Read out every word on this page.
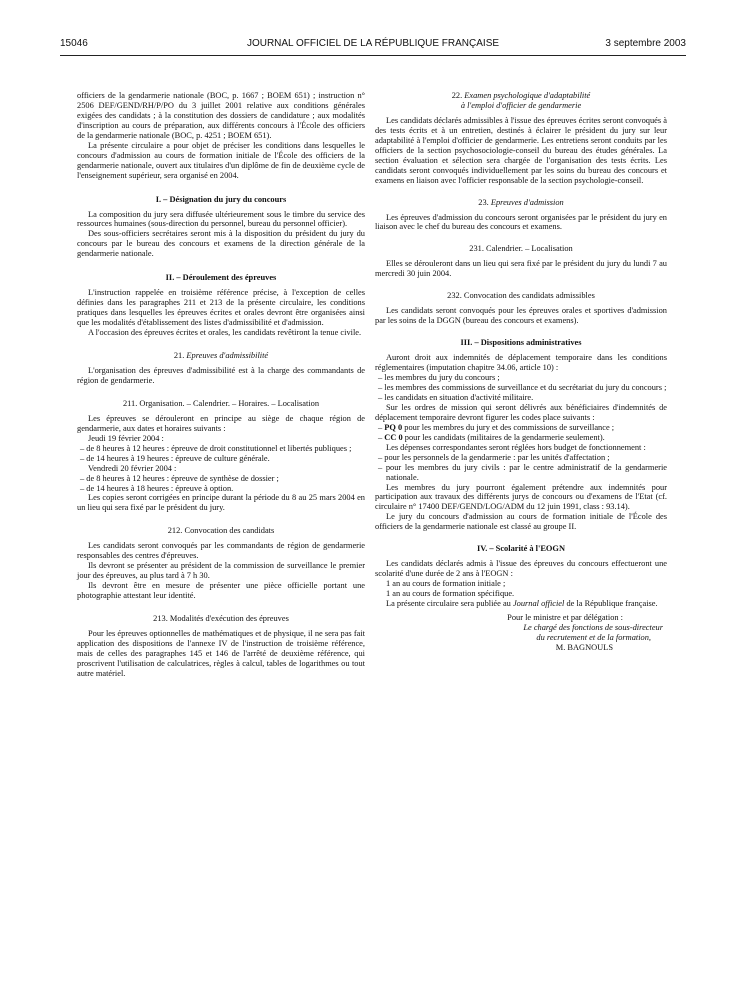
15046	JOURNAL OFFICIEL DE LA RÉPUBLIQUE FRANÇAISE	3 septembre 2003

officiers de la gendarmerie nationale (BOC, p. 1667 ; BOEM 651) ; instruction n° 2506 DEF/GEND/RH/P/PO du 3 juillet 2001 relative aux conditions générales exigées des candidats ; à la constitution des dossiers de candidature ; aux modalités d'inscription au cours de préparation, aux différents concours à l'École des officiers de la gendarmerie nationale (BOC, p. 4251 ; BOEM 651).

La présente circulaire a pour objet de préciser les conditions dans lesquelles le concours d'admission au cours de formation initiale de l'École des officiers de la gendarmerie nationale, ouvert aux titulaires d'un diplôme de fin de deuxième cycle de l'enseignement supérieur, sera organisé en 2004.

I. – Désignation du jury du concours

La composition du jury sera diffusée ultérieurement sous le timbre du service des ressources humaines (sous-direction du personnel, bureau du personnel officier).

Des sous-officiers secrétaires seront mis à la disposition du président du jury du concours par le bureau des concours et examens de la direction générale de la gendarmerie nationale.

II. – Déroulement des épreuves

L'instruction rappelée en troisième référence précise, à l'exception de celles définies dans les paragraphes 211 et 213 de la présente circulaire, les conditions pratiques dans lesquelles les épreuves écrites et orales devront être organisées ainsi que les modalités d'établissement des listes d'admissibilité et d'admission.

A l'occasion des épreuves écrites et orales, les candidats revêtiront la tenue civile.

21. Epreuves d'admissibilité

L'organisation des épreuves d'admissibilité est à la charge des commandants de région de gendarmerie.

211. Organisation. – Calendrier. – Horaires. – Localisation

Les épreuves se dérouleront en principe au siège de chaque région de gendarmerie, aux dates et horaires suivants :

Jeudi 19 février 2004 :

– de 8 heures à 12 heures : épreuve de droit constitutionnel et libertés publiques ;

– de 14 heures à 19 heures : épreuve de culture générale.

Vendredi 20 février 2004 :

– de 8 heures à 12 heures : épreuve de synthèse de dossier ;

– de 14 heures à 18 heures : épreuve à option.

Les copies seront corrigées en principe durant la période du 8 au 25 mars 2004 en un lieu qui sera fixé par le président du jury.

212. Convocation des candidats

Les candidats seront convoqués par les commandants de région de gendarmerie responsables des centres d'épreuves.

Ils devront se présenter au président de la commission de surveillance le premier jour des épreuves, au plus tard à 7 h 30.

Ils devront être en mesure de présenter une pièce officielle portant une photographie attestant leur identité.

213. Modalités d'exécution des épreuves

Pour les épreuves optionnelles de mathématiques et de physique, il ne sera pas fait application des dispositions de l'annexe IV de l'instruction de troisième référence, mais de celles des paragraphes 145 et 146 de l'arrêté de deuxième référence, qui proscrivent l'utilisation de calculatrices, règles à calcul, tables de logarithmes ou tout autre matériel.

22. Examen psychologique d'adaptabilité

à l'emploi d'officier de gendarmerie

Les candidats déclarés admissibles à l'issue des épreuves écrites seront convoqués à des tests écrits et à un entretien, destinés à éclairer le président du jury sur leur adaptabilité à l'emploi d'officier de gendarmerie. Les entretiens seront conduits par les officiers de la section psychosociologie-conseil du bureau des études générales. La section évaluation et sélection sera chargée de l'organisation des tests écrits. Les candidats seront convoqués individuellement par les soins du bureau des concours et examens en liaison avec l'officier responsable de la section psychologie-conseil.

23. Epreuves d'admission

Les épreuves d'admission du concours seront organisées par le président du jury en liaison avec le chef du bureau des concours et examens.

231. Calendrier. – Localisation

Elles se dérouleront dans un lieu qui sera fixé par le président du jury du lundi 7 au mercredi 30 juin 2004.

232. Convocation des candidats admissibles

Les candidats seront convoqués pour les épreuves orales et sportives d'admission par les soins de la DGGN (bureau des concours et examens).

III. – Dispositions administratives

Auront droit aux indemnités de déplacement temporaire dans les conditions réglementaires (imputation chapitre 34.06, article 10) :

– les membres du jury du concours ;

– les membres des commissions de surveillance et du secrétariat du jury du concours ;

– les candidats en situation d'activité militaire.

Sur les ordres de mission qui seront délivrés aux bénéficiaires d'indemnités de déplacement temporaire devront figurer les codes place suivants :

– PQ 0 pour les membres du jury et des commissions de surveillance ;

– CC 0 pour les candidats (militaires de la gendarmerie seulement).

Les dépenses correspondantes seront réglées hors budget de fonctionnement :

– pour les personnels de la gendarmerie : par les unités d'affectation ;

– pour les membres du jury civils : par le centre administratif de la gendarmerie nationale.

Les membres du jury pourront également prétendre aux indemnités pour participation aux travaux des différents jurys de concours ou d'examens de l'Etat (cf. circulaire n° 17400 DEF/GEND/LOG/ADM du 12 juin 1991, class : 93.14).

Le jury du concours d'admission au cours de formation initiale de l'École des officiers de la gendarmerie nationale est classé au groupe II.

IV. – Scolarité à l'EOGN

Les candidats déclarés admis à l'issue des épreuves du concours effectueront une scolarité d'une durée de 2 ans à l'EOGN :

1 an au cours de formation initiale ;

1 an au cours de formation spécifique.

La présente circulaire sera publiée au Journal officiel de la République française.

Pour le ministre et par délégation :

Le chargé des fonctions de sous-directeur

du recrutement et de la formation,

M. BAGNOULS
